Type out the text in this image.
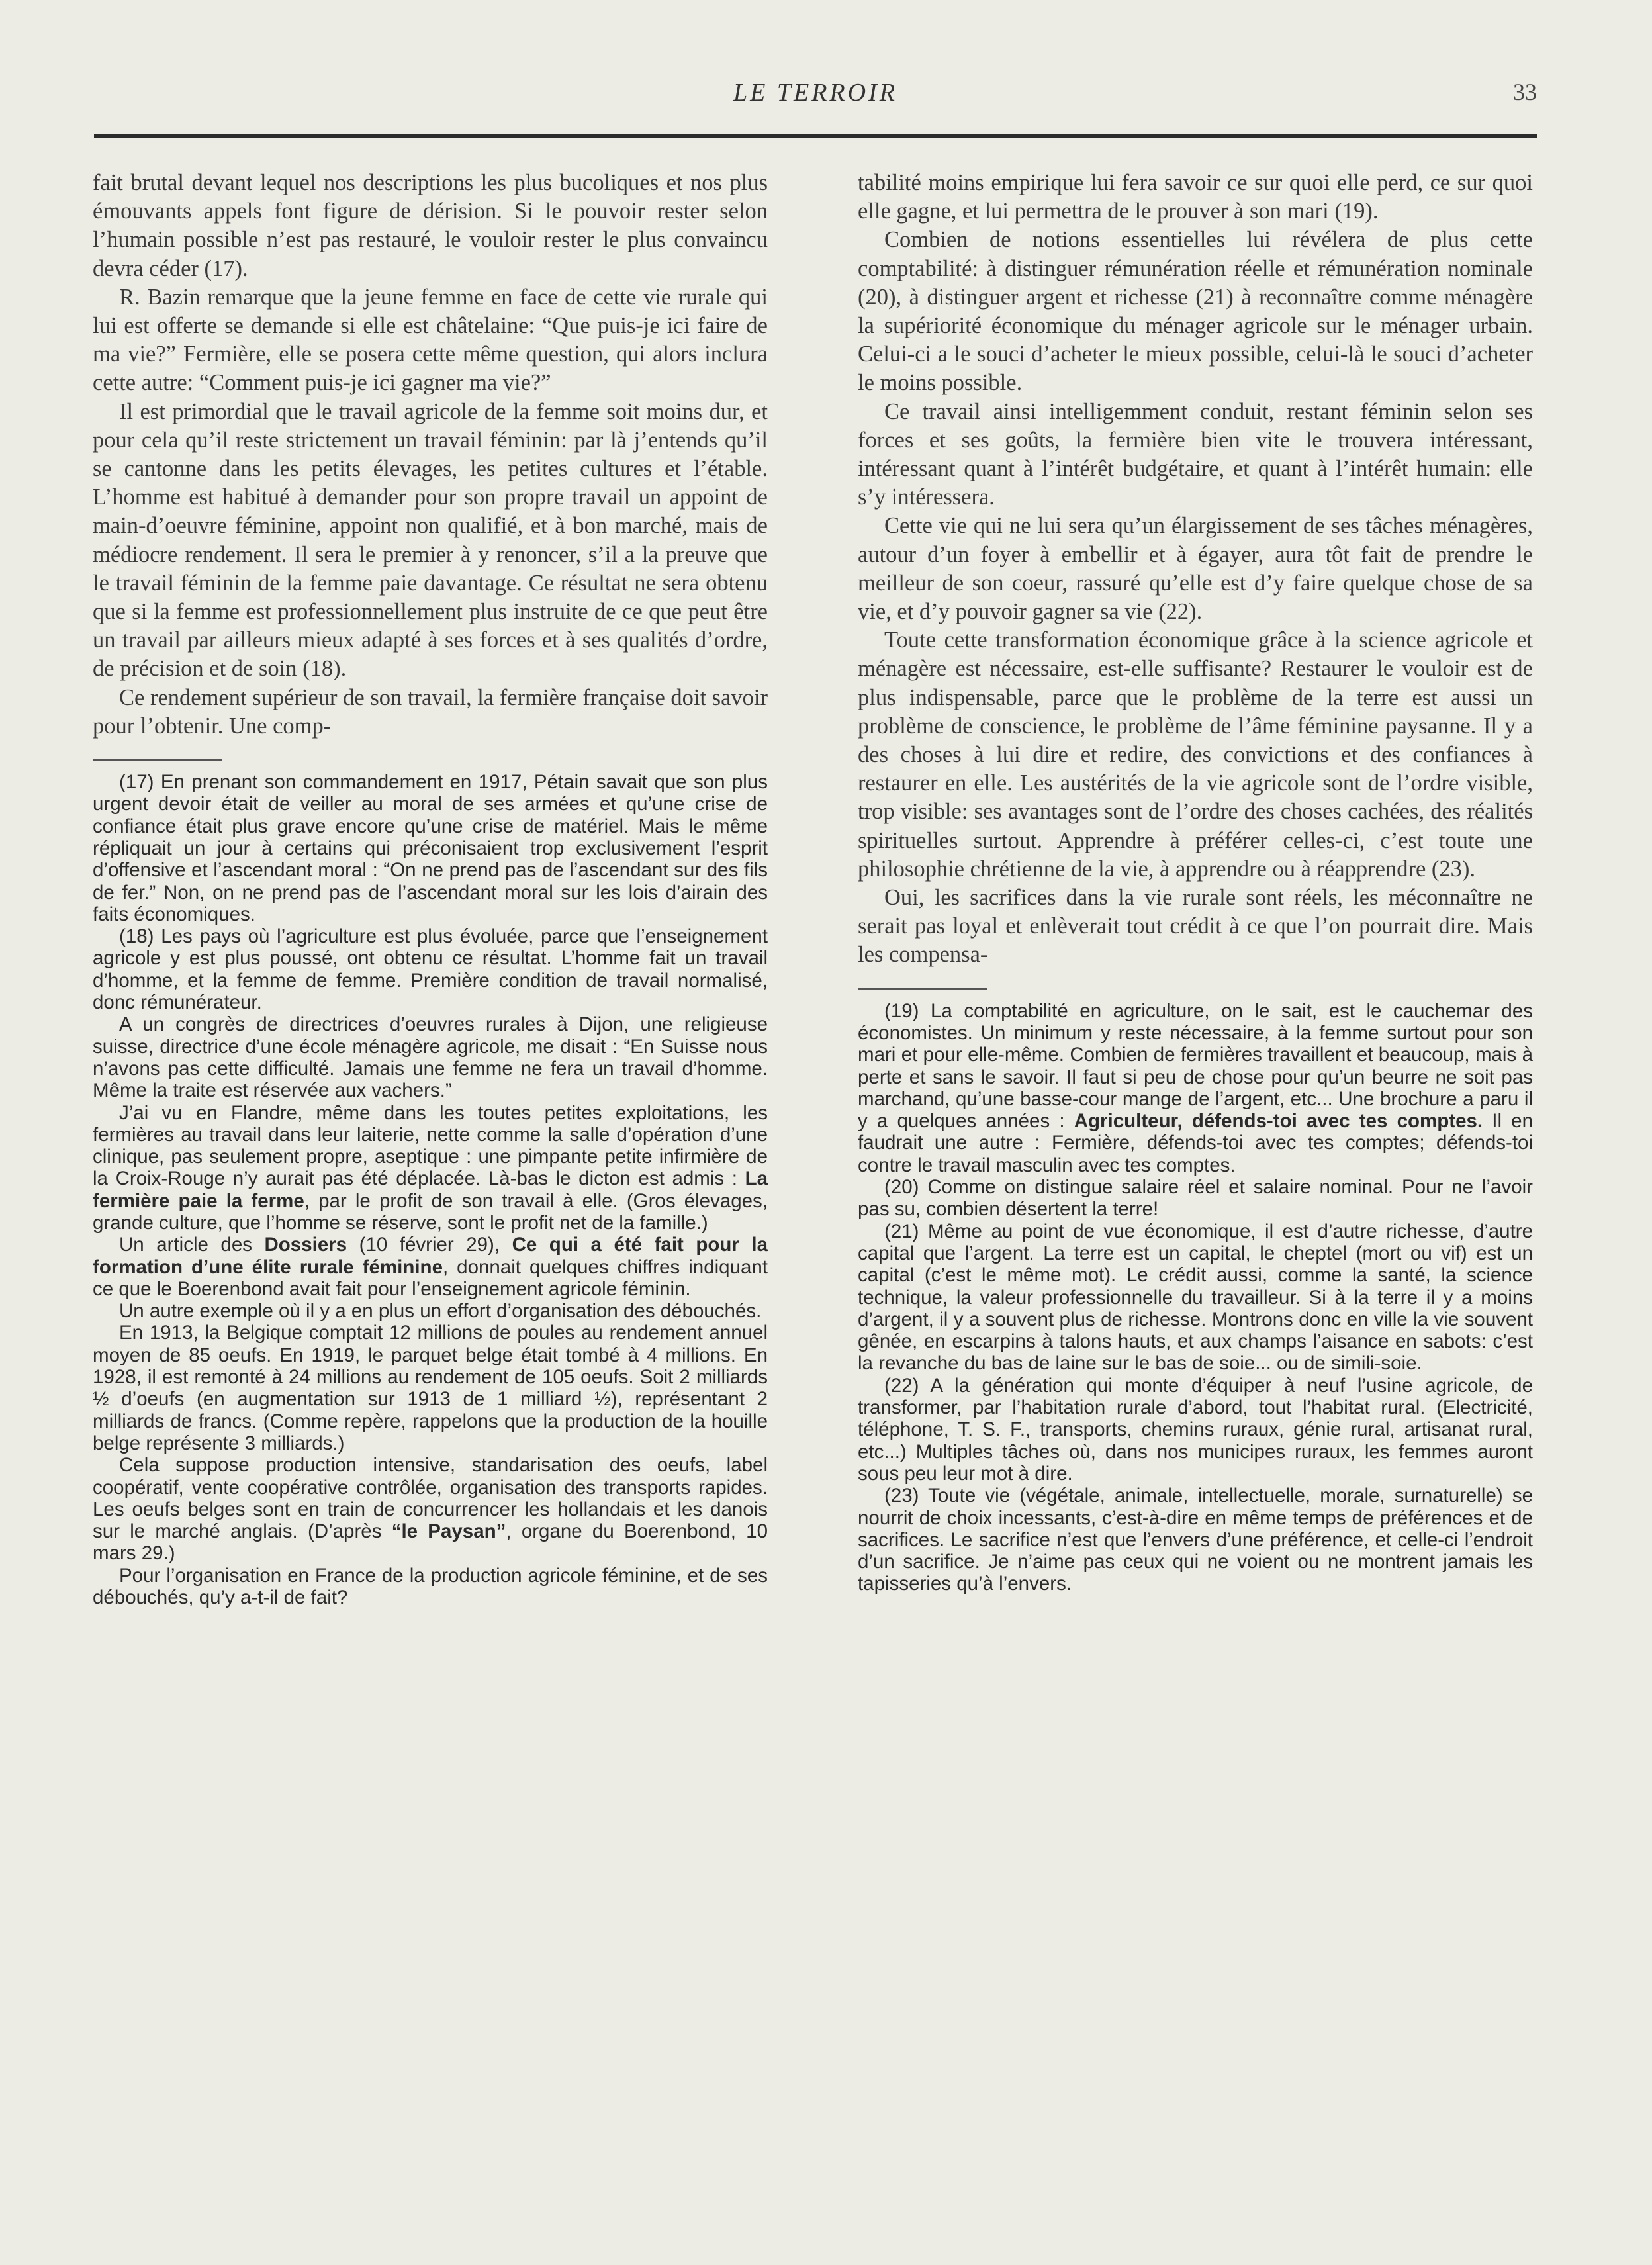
LE TERROIR	33

fait brutal devant lequel nos descriptions les plus bucoliques et nos plus émouvants appels font figure de dérision. Si le pouvoir rester selon l’humain possible n’est pas restauré, le vouloir rester le plus convaincu devra céder (17).

R. Bazin remarque que la jeune femme en face de cette vie rurale qui lui est offerte se demande si elle est châtelaine: “Que puis-je ici faire de ma vie?” Fermière, elle se posera cette même question, qui alors inclura cette autre: “Comment puis-je ici gagner ma vie?”

Il est primordial que le travail agricole de la femme soit moins dur, et pour cela qu’il reste strictement un travail féminin: par là j’entends qu’il se cantonne dans les petits élevages, les petites cultures et l’étable. L’homme est habitué à demander pour son propre travail un appoint de main-d’oeuvre féminine, appoint non qualifié, et à bon marché, mais de médiocre rendement. Il sera le premier à y renoncer, s’il a la preuve que le travail féminin de la femme paie davantage. Ce résultat ne sera obtenu que si la femme est professionnellement plus instruite de ce que peut être un travail par ailleurs mieux adapté à ses forces et à ses qualités d’ordre, de précision et de soin (18).

Ce rendement supérieur de son travail, la fermière française doit savoir pour l’obtenir. Une comp-

(17) En prenant son commandement en 1917, Pétain savait que son plus urgent devoir était de veiller au moral de ses armées et qu’une crise de confiance était plus grave encore qu’une crise de matériel. Mais le même répliquait un jour à certains qui préconisaient trop exclusivement l’esprit d’offensive et l’ascendant moral : “On ne prend pas de l’ascendant sur des fils de fer.” Non, on ne prend pas de l’ascendant moral sur les lois d’airain des faits économiques.

(18) Les pays où l’agriculture est plus évoluée, parce que l’enseignement agricole y est plus poussé, ont obtenu ce résultat. L’homme fait un travail d’homme, et la femme de femme. Première condition de travail normalisé, donc rémunérateur.

A un congrès de directrices d’oeuvres rurales à Dijon, une religieuse suisse, directrice d’une école ménagère agricole, me disait : “En Suisse nous n’avons pas cette difficulté. Jamais une femme ne fera un travail d’homme. Même la traite est réservée aux vachers.”

J’ai vu en Flandre, même dans les toutes petites exploitations, les fermières au travail dans leur laiterie, nette comme la salle d’opération d’une clinique, pas seulement propre, aseptique : une pimpante petite infirmière de la Croix-Rouge n’y aurait pas été déplacée. Là-bas le dicton est admis : La fermière paie la ferme, par le profit de son travail à elle. (Gros élevages, grande culture, que l’homme se réserve, sont le profit net de la famille.)

Un article des Dossiers (10 février 29), Ce qui a été fait pour la formation d’une élite rurale féminine, donnait quelques chiffres indiquant ce que le Boerenbond avait fait pour l’enseignement agricole féminin.

Un autre exemple où il y a en plus un effort d’organisation des débouchés.

En 1913, la Belgique comptait 12 millions de poules au rendement annuel moyen de 85 oeufs. En 1919, le parquet belge était tombé à 4 millions. En 1928, il est remonté à 24 millions au rendement de 105 oeufs. Soit 2 milliards ½ d’oeufs (en augmentation sur 1913 de 1 milliard ½), représentant 2 milliards de francs. (Comme repère, rappelons que la production de la houille belge représente 3 milliards.)

Cela suppose production intensive, standarisation des oeufs, label coopératif, vente coopérative contrôlée, organisation des transports rapides. Les oeufs belges sont en train de concurrencer les hollandais et les danois sur le marché anglais. (D’après “le Paysan”, organe du Boerenbond, 10 mars 29.)

Pour l’organisation en France de la production agricole féminine, et de ses débouchés, qu’y a-t-il de fait?

tabilité moins empirique lui fera savoir ce sur quoi elle perd, ce sur quoi elle gagne, et lui permettra de le prouver à son mari (19).

Combien de notions essentielles lui révélera de plus cette comptabilité: à distinguer rémunération réelle et rémunération nominale (20), à distinguer argent et richesse (21) à reconnaître comme ménagère la supériorité économique du ménager agricole sur le ménager urbain. Celui-ci a le souci d’acheter le mieux possible, celui-là le souci d’acheter le moins possible.

Ce travail ainsi intelligemment conduit, restant féminin selon ses forces et ses goûts, la fermière bien vite le trouvera intéressant, intéressant quant à l’intérêt budgétaire, et quant à l’intérêt humain: elle s’y intéressera.

Cette vie qui ne lui sera qu’un élargissement de ses tâches ménagères, autour d’un foyer à embellir et à égayer, aura tôt fait de prendre le meilleur de son coeur, rassuré qu’elle est d’y faire quelque chose de sa vie, et d’y pouvoir gagner sa vie (22).

Toute cette transformation économique grâce à la science agricole et ménagère est nécessaire, est-elle suffisante? Restaurer le vouloir est de plus indispensable, parce que le problème de la terre est aussi un problème de conscience, le problème de l’âme féminine paysanne. Il y a des choses à lui dire et redire, des convictions et des confiances à restaurer en elle. Les austérités de la vie agricole sont de l’ordre visible, trop visible: ses avantages sont de l’ordre des choses cachées, des réalités spirituelles surtout. Apprendre à préférer celles-ci, c’est toute une philosophie chrétienne de la vie, à apprendre ou à réapprendre (23).

Oui, les sacrifices dans la vie rurale sont réels, les méconnaître ne serait pas loyal et enlèverait tout crédit à ce que l’on pourrait dire. Mais les compensa-

(19) La comptabilité en agriculture, on le sait, est le cauchemar des économistes. Un minimum y reste nécessaire, à la femme surtout pour son mari et pour elle-même. Combien de fermières travaillent et beaucoup, mais à perte et sans le savoir. Il faut si peu de chose pour qu’un beurre ne soit pas marchand, qu’une basse-cour mange de l’argent, etc... Une brochure a paru il y a quelques années : Agriculteur, défends-toi avec tes comptes. Il en faudrait une autre : Fermière, défends-toi avec tes comptes; défends-toi contre le travail masculin avec tes comptes.

(20) Comme on distingue salaire réel et salaire nominal. Pour ne l’avoir pas su, combien désertent la terre!

(21) Même au point de vue économique, il est d’autre richesse, d’autre capital que l’argent. La terre est un capital, le cheptel (mort ou vif) est un capital (c’est le même mot). Le crédit aussi, comme la santé, la science technique, la valeur professionnelle du travailleur. Si à la terre il y a moins d’argent, il y a souvent plus de richesse. Montrons donc en ville la vie souvent gênée, en escarpins à talons hauts, et aux champs l’aisance en sabots: c’est la revanche du bas de laine sur le bas de soie... ou de simili-soie.

(22) A la génération qui monte d’équiper à neuf l’usine agricole, de transformer, par l’habitation rurale d’abord, tout l’habitat rural. (Electricité, téléphone, T. S. F., transports, chemins ruraux, génie rural, artisanat rural, etc...) Multiples tâches où, dans nos municipes ruraux, les femmes auront sous peu leur mot à dire.

(23) Toute vie (végétale, animale, intellectuelle, morale, surnaturelle) se nourrit de choix incessants, c’est-à-dire en même temps de préférences et de sacrifices. Le sacrifice n’est que l’envers d’une préférence, et celle-ci l’endroit d’un sacrifice. Je n’aime pas ceux qui ne voient ou ne montrent jamais les tapisseries qu’à l’envers.
